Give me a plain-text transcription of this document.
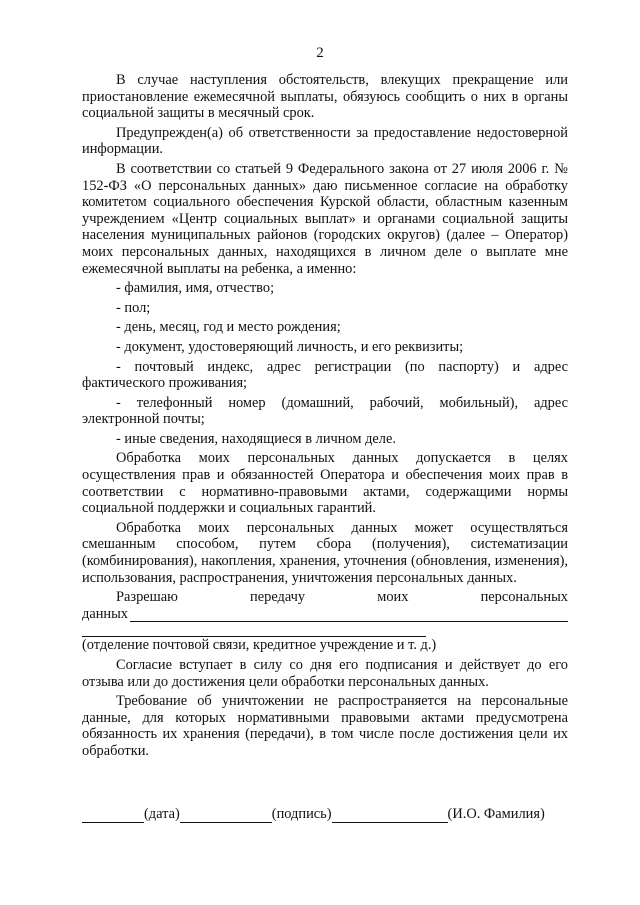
2

В случае наступления обстоятельств, влекущих прекращение или приостановление ежемесячной выплаты, обязуюсь сообщить о них в органы социальной защиты в месячный срок.

Предупрежден(а) об ответственности за предоставление недостоверной информации.

В соответствии со статьей 9 Федерального закона от 27 июля 2006 г. № 152-ФЗ «О персональных данных» даю письменное согласие на обработку комитетом социального обеспечения Курской области, областным казенным учреждением «Центр социальных выплат» и органами социальной защиты населения муниципальных районов (городских округов) (далее – Оператор) моих персональных данных, находящихся в личном деле о выплате мне ежемесячной выплаты на ребенка, а именно:

- фамилия, имя, отчество;

- пол;

- день, месяц, год и место рождения;

- документ, удостоверяющий личность, и его реквизиты;

- почтовый индекс, адрес регистрации (по паспорту) и адрес фактического проживания;

- телефонный номер (домашний, рабочий, мобильный), адрес электронной почты;

- иные сведения, находящиеся в личном деле.

Обработка моих персональных данных допускается в целях осуществления прав и обязанностей Оператора и обеспечения моих прав в соответствии с нормативно-правовыми актами, содержащими нормы социальной поддержки и социальных гарантий.

Обработка моих персональных данных может осуществляться смешанным способом, путем сбора (получения), систематизации (комбинирования), накопления, хранения, уточнения (обновления, изменения), использования, распространения, уничтожения персональных данных.

Разрешаю	передачу	моих	персональных
данных

(отделение почтовой связи, кредитное учреждение и т. д.)

Согласие вступает в силу со дня его подписания и действует до его отзыва или до достижения цели обработки персональных данных.

Требование об уничтожении не распространяется на персональные данные, для которых нормативными правовыми актами предусмотрена обязанность их хранения (передачи), в том числе после достижения цели их обработки.

(дата)	(подпись)	(И.О. Фамилия)
